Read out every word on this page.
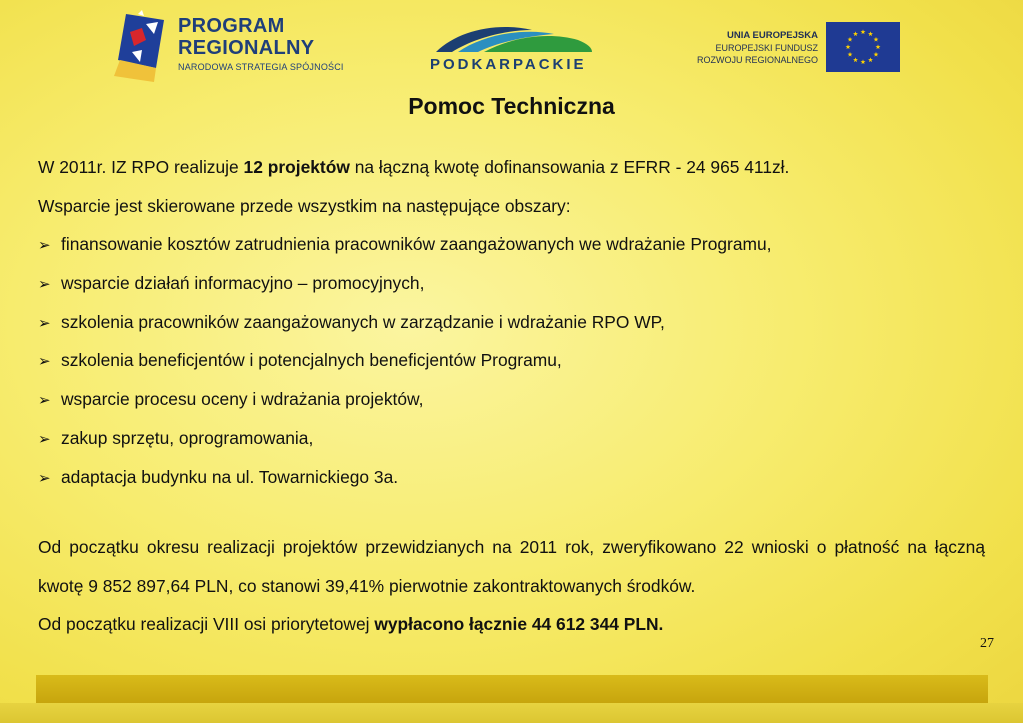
PROGRAM
REGIONALNY
NARODOWA STRATEGIA SPÓJNOŚCI	PODKARPACKIE
UNIA EUROPEJSKA
EUROPEJSKI FUNDUSZ
ROZWOJU REGIONALNEGO
Pomoc Techniczna
W 2011r. IZ RPO realizuje 12 projektów na łączną kwotę dofinansowania z EFRR - 24 965 411zł.
Wsparcie jest skierowane przede wszystkim na następujące obszary:
➢ finansowanie kosztów zatrudnienia pracowników zaangażowanych we wdrażanie Programu,
➢ wsparcie działań informacyjno – promocyjnych,
➢ szkolenia pracowników zaangażowanych w zarządzanie i wdrażanie RPO WP,
➢ szkolenia beneficjentów i potencjalnych beneficjentów Programu,
➢ wsparcie procesu oceny i wdrażania projektów,
➢ zakup sprzętu, oprogramowania,
➢ adaptacja budynku na ul. Towarnickiego 3a.
Od początku okresu realizacji projektów przewidzianych na 2011 rok, zweryfikowano 22 wnioski o płatność na łączną kwotę 9 852 897,64 PLN, co stanowi 39,41% pierwotnie zakontraktowanych środków.
Od początku realizacji VIII osi priorytetowej wypłacono łącznie 44 612 344 PLN.
27
